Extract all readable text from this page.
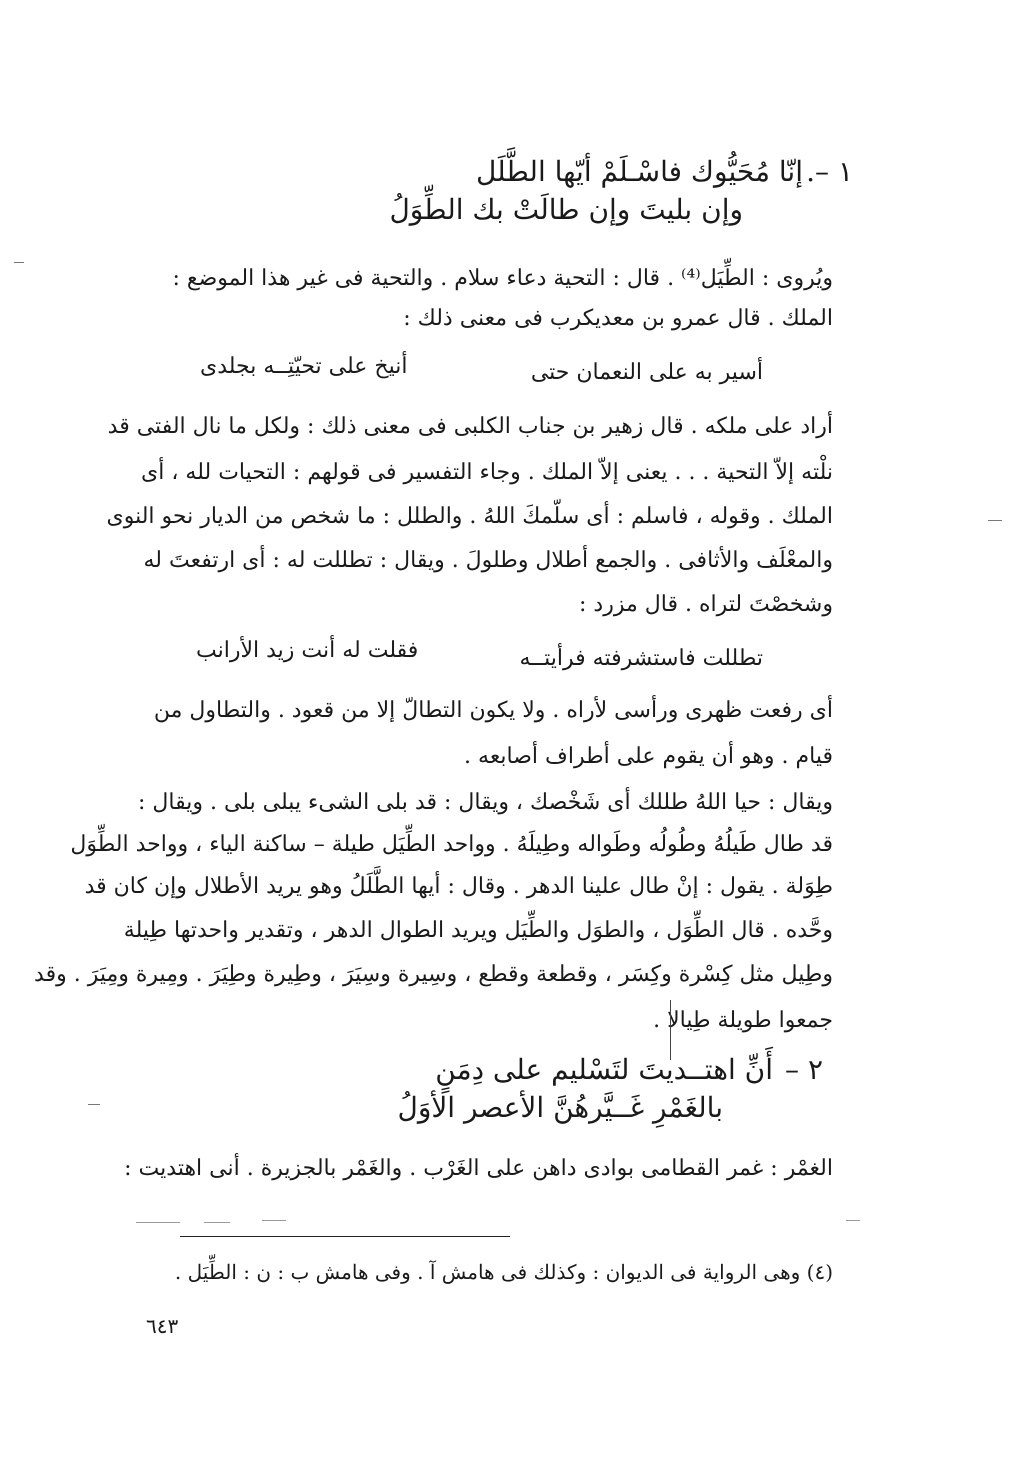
١ –.
إنّا مُحَيُّوك فاسْـلَمْ أيّها الطَّلَل
وإن بليتَ وإن طالَتْ بك الطِّوَلُ
ويُروى : الطِّيَل⁽⁴⁾ . قال : التحية دعاء سلام . والتحية فى غير هذا الموضع :
الملك . قال عمرو بن معديكرب فى معنى ذلك :
أسير به على النعمان حتى
أنيخ على تحيّتِــه بجلدى
أراد على ملكه . قال زهير بن جناب الكلبى فى معنى ذلك : ولكل ما نال الفتى قد
نلْته إلاّ التحية . . . يعنى إلاّ الملك . وجاء التفسير فى قولهم : التحيات لله ، أى
الملك . وقوله ، فاسلم : أى سلّمكَ اللهُ . والطلل : ما شخص من الديار نحو النوى
والمعْلَف والأثافى . والجمع أطلال وطلولَ . ويقال : تطللت له : أى ارتفعتَ له
وشخصْتَ لتراه . قال مزرد :
تطللت فاستشرفته فرأيتــه
فقلت له أنت زيد الأرانب
أى رفعت ظهرى ورأسى لأراه . ولا يكون التطالّ إلا من قعود . والتطاول من
قيام . وهو أن يقوم على أطراف أصابعه .
ويقال : حيا اللهُ طللك أى شَخْصك ، ويقال : قد بلى الشىء يبلى بلى . ويقال :
قد طال طَيلُهُ وطُولُه وطَواله وطِيلَهُ . وواحد الطِّيَل طيلة – ساكنة الياء ، وواحد الطِّوَل
طِوَلة . يقول : إنْ طال علينا الدهر . وقال : أيها الطَّلَلُ وهو يريد الأطلال وإن كان قد
وحَّده . قال الطِّوَل ، والطوَل والطِّيَل ويريد الطوال الدهر ، وتقدير واحدتها طِيلة
وطِيل مثل كِسْرة وكِسَر ، وقطعة وقطع ، وسِيرة وسِيَرَ ، وطِيرة وطِيَرَ . ومِيرة ومِيَرَ . وقد
جمعوا طويلة طِيالا .
٢ –
أَنِّ اهتــديتَ لتَسْليم على دِمَنٍ
بالغَمْرِ غَــيَّرهُنَّ الأعصر الأوَلُ
الغمْر : غمر القطامى بوادى داهن على الغَرْب . والغَمْر بالجزيرة . أنى اهتديت :
(٤) وهى الرواية فى الديوان : وكذلك فى هامش آ . وفى هامش ب : ن : الطِّيَل .
٦٤٣
